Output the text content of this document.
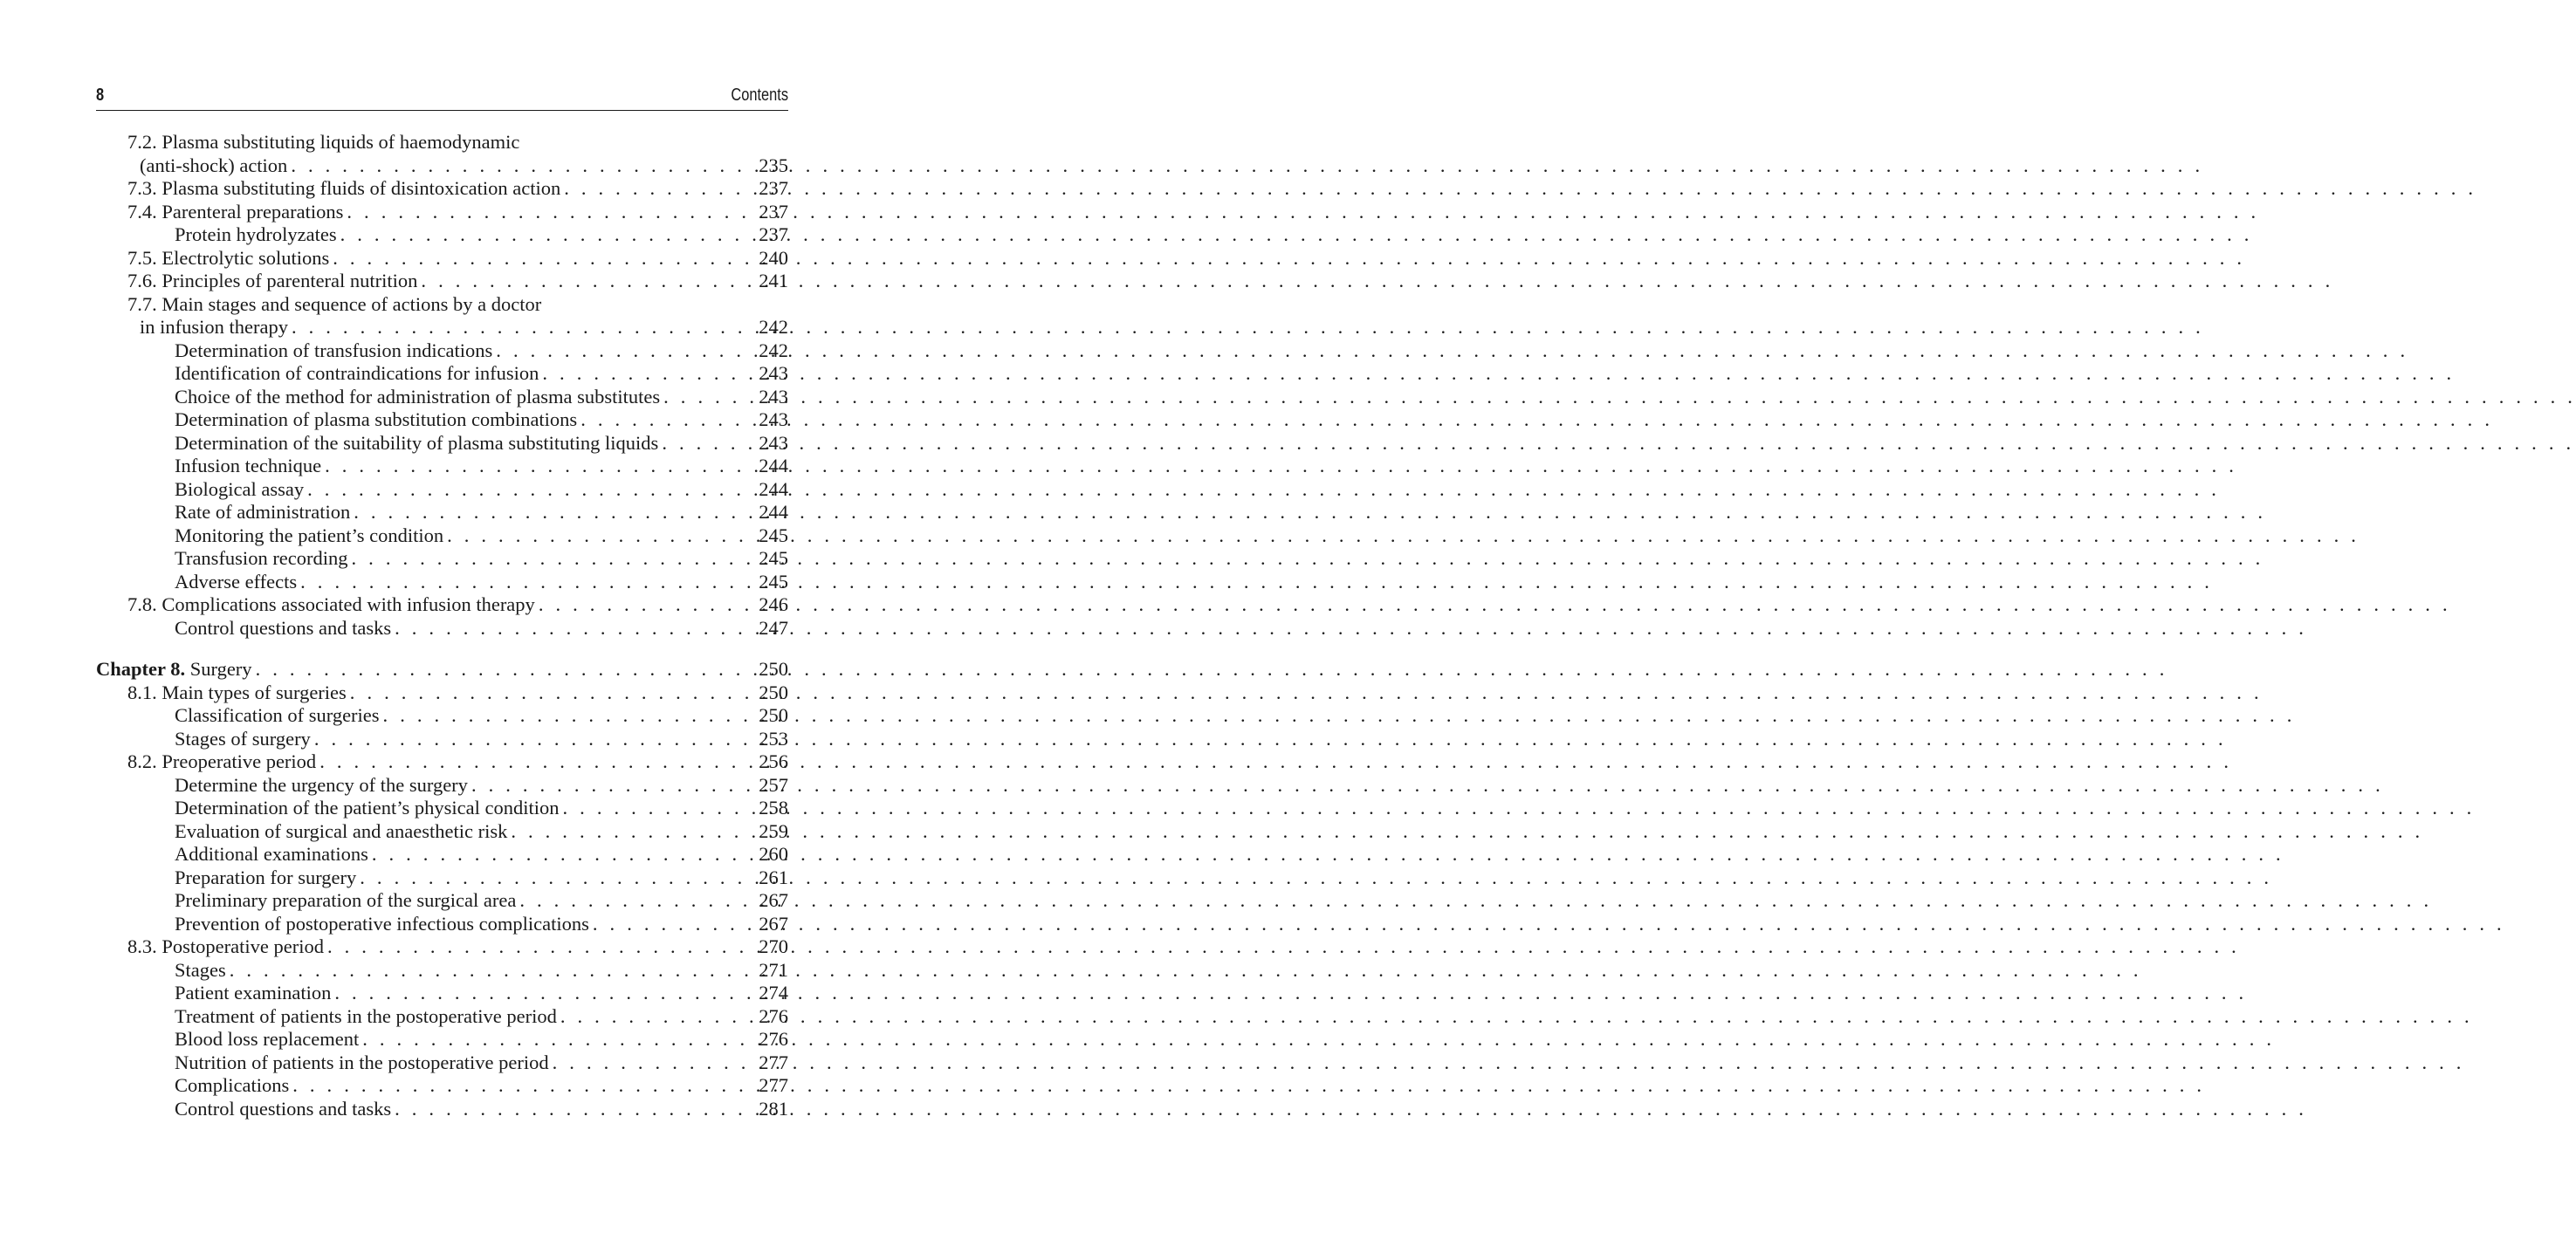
8	Contents
7.2. Plasma substituting liquids of haemodynamic
(anti-shock) action . . .	235
7.3. Plasma substituting fluids of disintoxication action . . .	237
7.4. Parenteral preparations . . .	237
Protein hydrolyzates . . .	237
7.5. Electrolytic solutions . . .	240
7.6. Principles of parenteral nutrition . . .	241
7.7. Main stages and sequence of actions by a doctor
in infusion therapy . . .	242
Determination of transfusion indications . . .	242
Identification of contraindications for infusion . . .	243
Choice of the method for administration of plasma substitutes . . .	243
Determination of plasma substitution combinations . . .	243
Determination of the suitability of plasma substituting liquids . . .	243
Infusion technique . . .	244
Biological assay . . .	244
Rate of administration . . .	244
Monitoring the patient’s condition . . .	245
Transfusion recording . . .	245
Adverse effects . . .	245
7.8. Complications associated with infusion therapy . . .	246
Control questions and tasks . . .	247
Chapter 8. Surgery . . .	250
8.1. Main types of surgeries . . .	250
Classification of surgeries . . .	250
Stages of surgery . . .	253
8.2. Preoperative period . . .	256
Determine the urgency of the surgery . . .	257
Determination of the patient’s physical condition . . .	258
Evaluation of surgical and anaesthetic risk . . .	259
Additional examinations . . .	260
Preparation for surgery . . .	261
Preliminary preparation of the surgical area . . .	267
Prevention of postoperative infectious complications . . .	267
8.3. Postoperative period . . .	270
Stages . . .	271
Patient examination . . .	274
Treatment of patients in the postoperative period . . .	276
Blood loss replacement . . .	276
Nutrition of patients in the postoperative period . . .	277
Complications . . .	277
Control questions and tasks . . .	281
